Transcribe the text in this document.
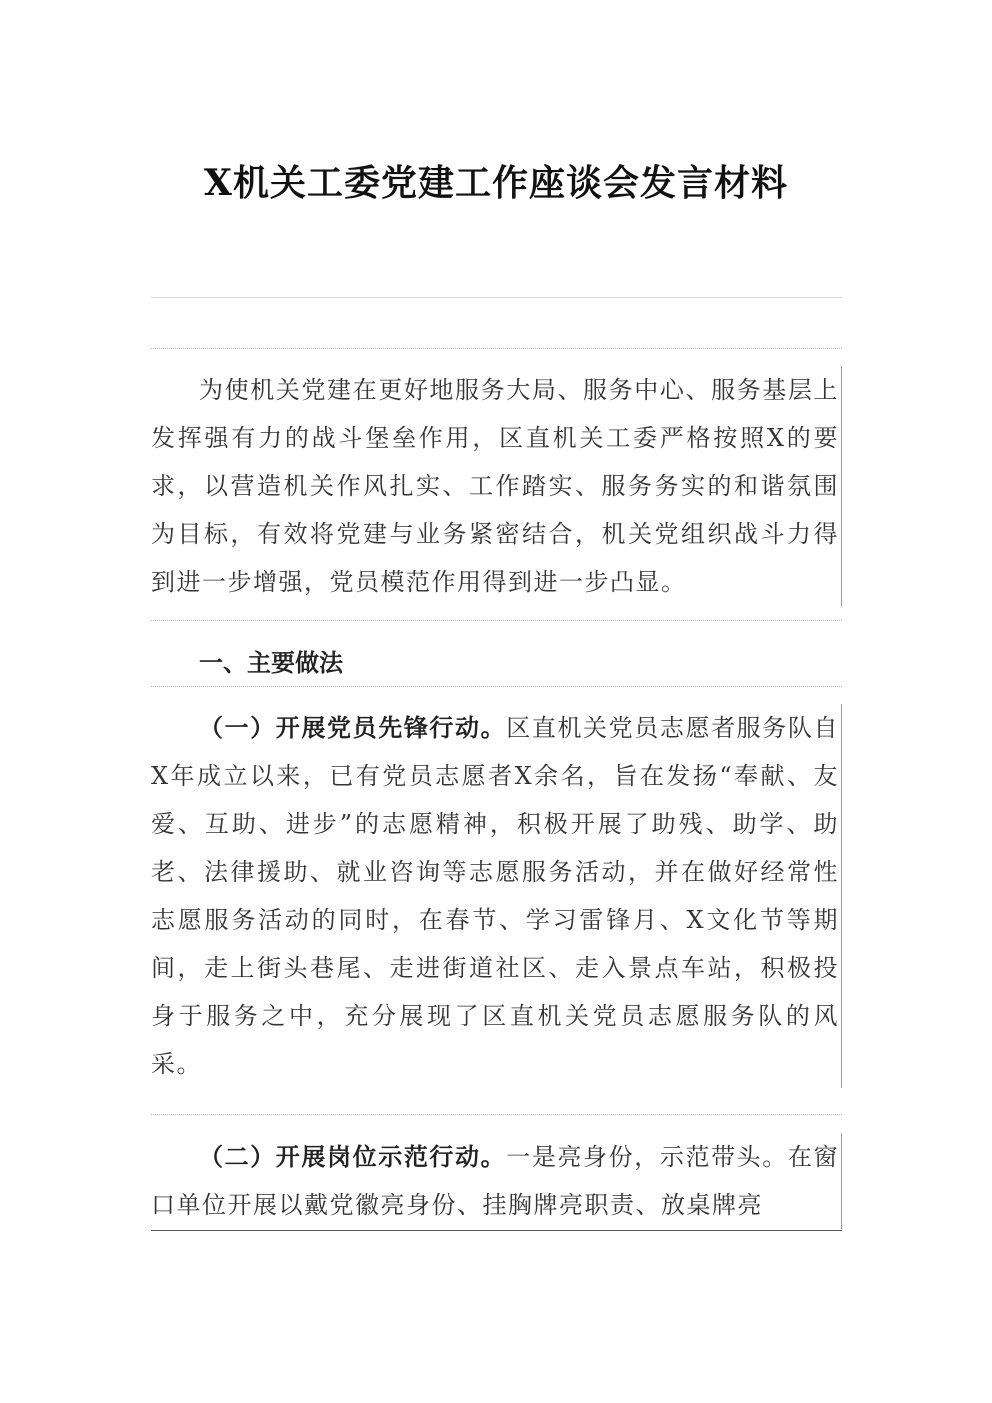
X机关工委党建工作座谈会发言材料

为使机关党建在更好地服务大局、服务中心、服务基层上发挥强有力的战斗堡垒作用，区直机关工委严格按照X的要求，以营造机关作风扎实、工作踏实、服务务实的和谐氛围为目标，有效将党建与业务紧密结合，机关党组织战斗力得到进一步增强，党员模范作用得到进一步凸显。

一、主要做法

（一）开展党员先锋行动。区直机关党员志愿者服务队自X年成立以来，已有党员志愿者X余名，旨在发扬“奉献、友爱、互助、进步”的志愿精神，积极开展了助残、助学、助老、法律援助、就业咨询等志愿服务活动，并在做好经常性志愿服务活动的同时，在春节、学习雷锋月、X文化节等期间，走上街头巷尾、走进街道社区、走入景点车站，积极投身于服务之中，充分展现了区直机关党员志愿服务队的风采。

（二）开展岗位示范行动。一是亮身份，示范带头。在窗口单位开展以戴党徽亮身份、挂胸牌亮职责、放桌牌亮
